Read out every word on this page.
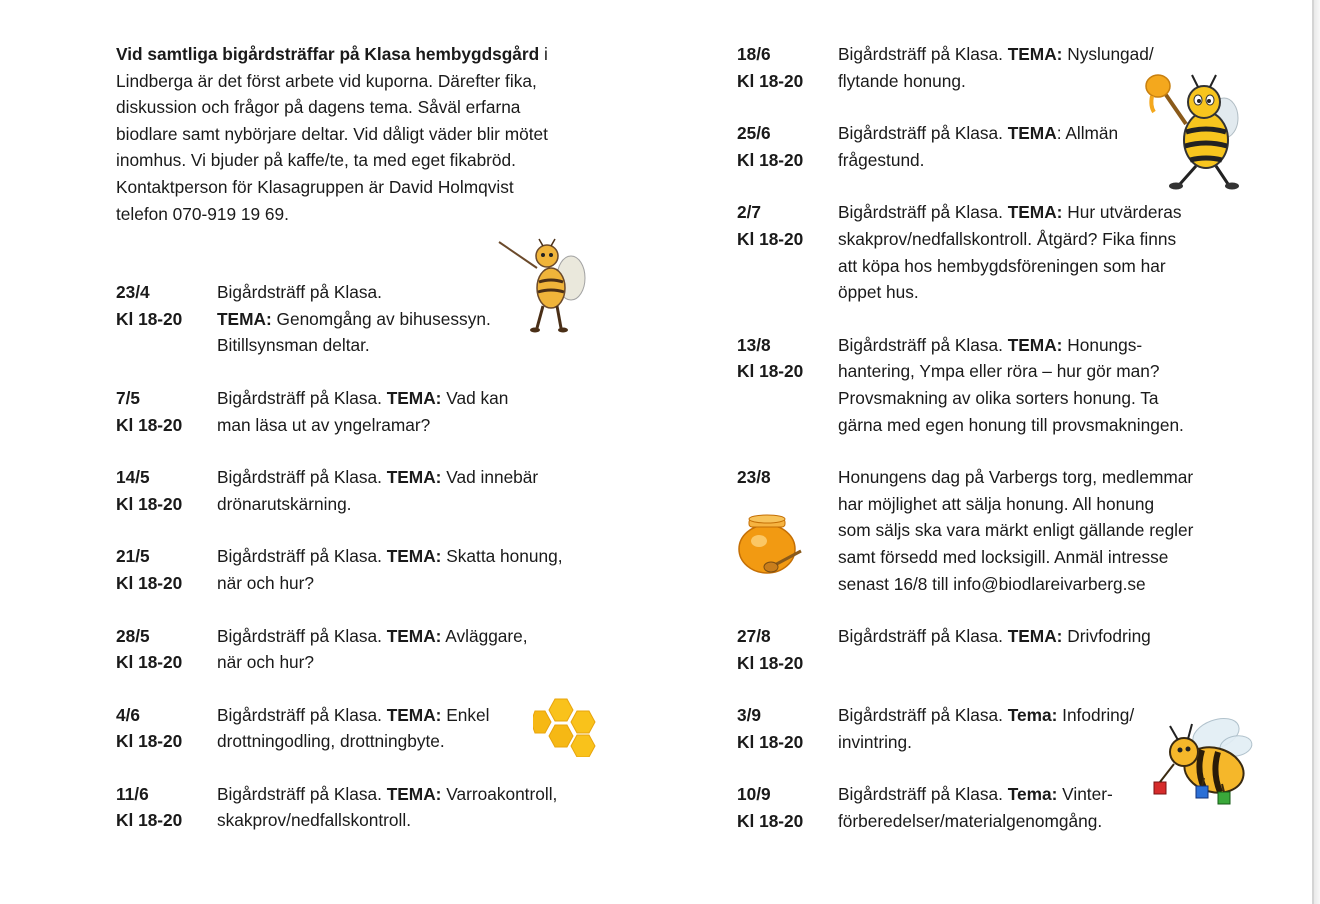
Vid samtliga bigårdsträffar på Klasa hembygdsgård i
Lindberga är det först arbete vid kuporna. Därefter fika,
diskussion och frågor på dagens tema. Såväl erfarna
biodlare samt nybörjare deltar. Vid dåligt väder blir mötet
inomhus. Vi bjuder på kaffe/te, ta med eget fikabröd.
Kontaktperson för Klasagruppen är David Holmqvist
telefon 070-919 19 69.

23/4
Kl 18-20
Bigårdsträff på Klasa.
TEMA: Genomgång av bihusessyn.
Bitillsynsman deltar.
7/5
Kl 18-20
Bigårdsträff på Klasa. TEMA: Vad kan
man läsa ut av yngelramar?
14/5
Kl 18-20
Bigårdsträff på Klasa. TEMA: Vad innebär
drönarutskärning.
21/5
Kl 18-20
Bigårdsträff på Klasa. TEMA: Skatta honung,
när och hur?
28/5
Kl 18-20
Bigårdsträff på Klasa. TEMA: Avläggare,
när och hur?
4/6
Kl 18-20
Bigårdsträff på Klasa. TEMA: Enkel
drottningodling, drottningbyte.
11/6
Kl 18-20
Bigårdsträff på Klasa. TEMA: Varroakontroll,
skakprov/nedfallskontroll.
18/6
Kl 18-20
Bigårdsträff på Klasa. TEMA: Nyslungad/
flytande honung.
25/6
Kl 18-20
Bigårdsträff på Klasa. TEMA: Allmän
frågestund.
2/7
Kl 18-20
Bigårdsträff på Klasa. TEMA: Hur utvärderas
skakprov/nedfallskontroll. Åtgärd? Fika finns
att köpa hos hembygdsföreningen som har
öppet hus.
13/8
Kl 18-20
Bigårdsträff på Klasa. TEMA: Honungs-
hantering, Ympa eller röra – hur gör man?
Provsmakning av olika sorters honung. Ta
gärna med egen honung till provsmakningen.
23/8	Honungens dag på Varbergs torg, medlemmar
har möjlighet att sälja honung. All honung
som säljs ska vara märkt enligt gällande regler
samt försedd med locksigill. Anmäl intresse
senast 16/8 till info@biodlareivarberg.se
27/8
Kl 18-20
Bigårdsträff på Klasa. TEMA: Drivfodring
3/9
Kl 18-20
Bigårdsträff på Klasa. Tema: Infodring/
invintring.
10/9
Kl 18-20
Bigårdsträff på Klasa. Tema: Vinter-
förberedelser/materialgenomgång.
